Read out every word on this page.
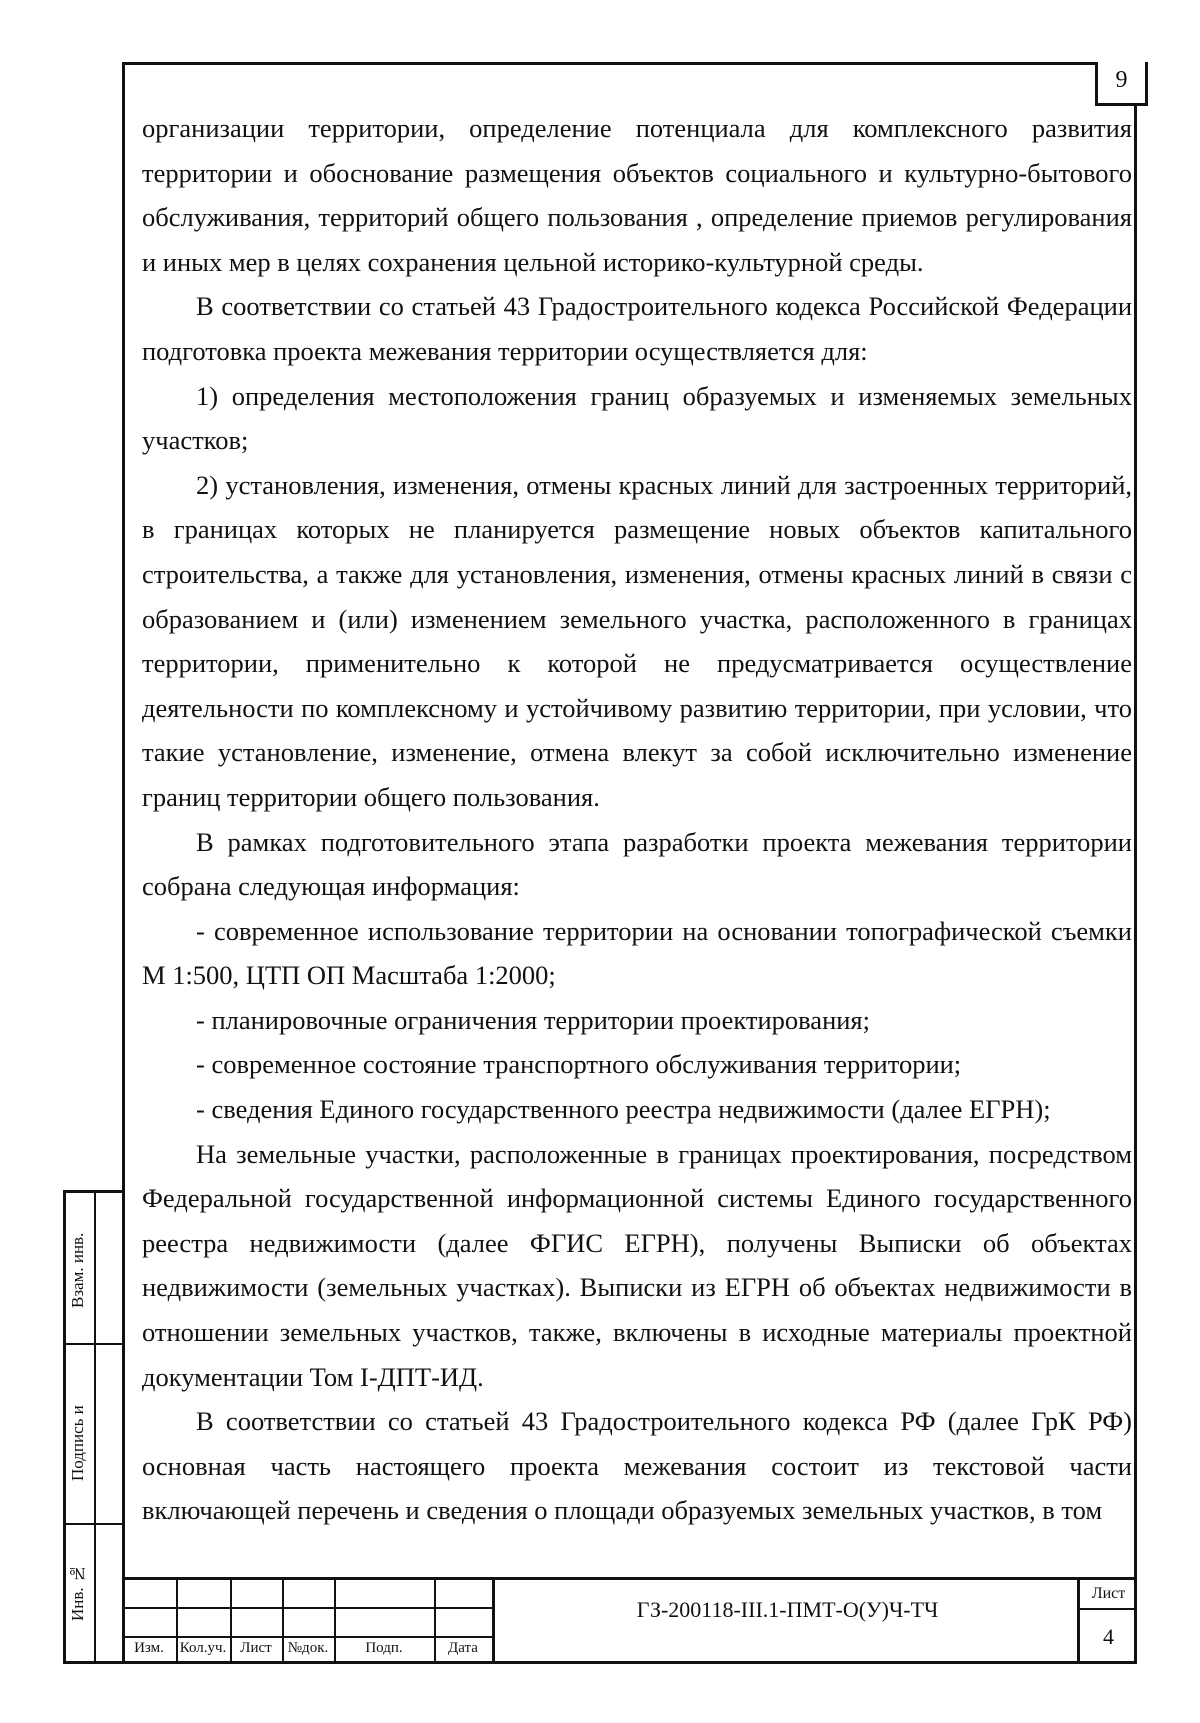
9

организации территории, определение потенциала для комплексного развития территории и обоснование размещения объектов социального и культурно-бытового обслуживания, территорий общего пользования , определение приемов регулирования и иных мер в целях сохранения цельной историко-культурной среды.

В соответствии со статьей 43 Градостроительного кодекса Российской Федерации подготовка проекта межевания территории осуществляется для:

1) определения местоположения границ образуемых и изменяемых земельных участков;

2) установления, изменения, отмены красных линий для застроенных территорий, в границах которых не планируется размещение новых объектов капитального строительства, а также для установления, изменения, отмены красных линий в связи с образованием и (или) изменением земельного участка, расположенного в границах территории, применительно к которой не предусматривается осуществление деятельности по комплексному и устойчивому развитию территории, при условии, что такие установление, изменение, отмена влекут за собой исключительно изменение границ территории общего пользования.

В рамках подготовительного этапа разработки проекта межевания территории собрана следующая информация:

- современное использование территории на основании топографической съемки М 1:500, ЦТП ОП Масштаба 1:2000;

- планировочные ограничения территории проектирования;

- современное состояние транспортного обслуживания территории;

- сведения Единого государственного реестра недвижимости (далее ЕГРН);

На земельные участки, расположенные в границах проектирования, посредством Федеральной государственной информационной системы Единого государственного реестра недвижимости (далее ФГИС ЕГРН), получены Выписки об объектах недвижимости (земельных участках). Выписки из ЕГРН об объектах недвижимости в отношении земельных участков, также, включены в исходные материалы проектной документации Том I-ДПТ-ИД.

В соответствии со статьей 43 Градостроительного кодекса РФ (далее ГрК РФ) основная часть настоящего проекта межевания состоит из текстовой части включающей перечень и сведения о площади образуемых земельных участков, в том

Взам. инв.
Подпись и
Инв. №
Изм.	Кол.уч. Лист	№док.	Подп.	Дата
ГЗ-200118-III.1-ПМТ-О(У)Ч-ТЧ
Лист
4
